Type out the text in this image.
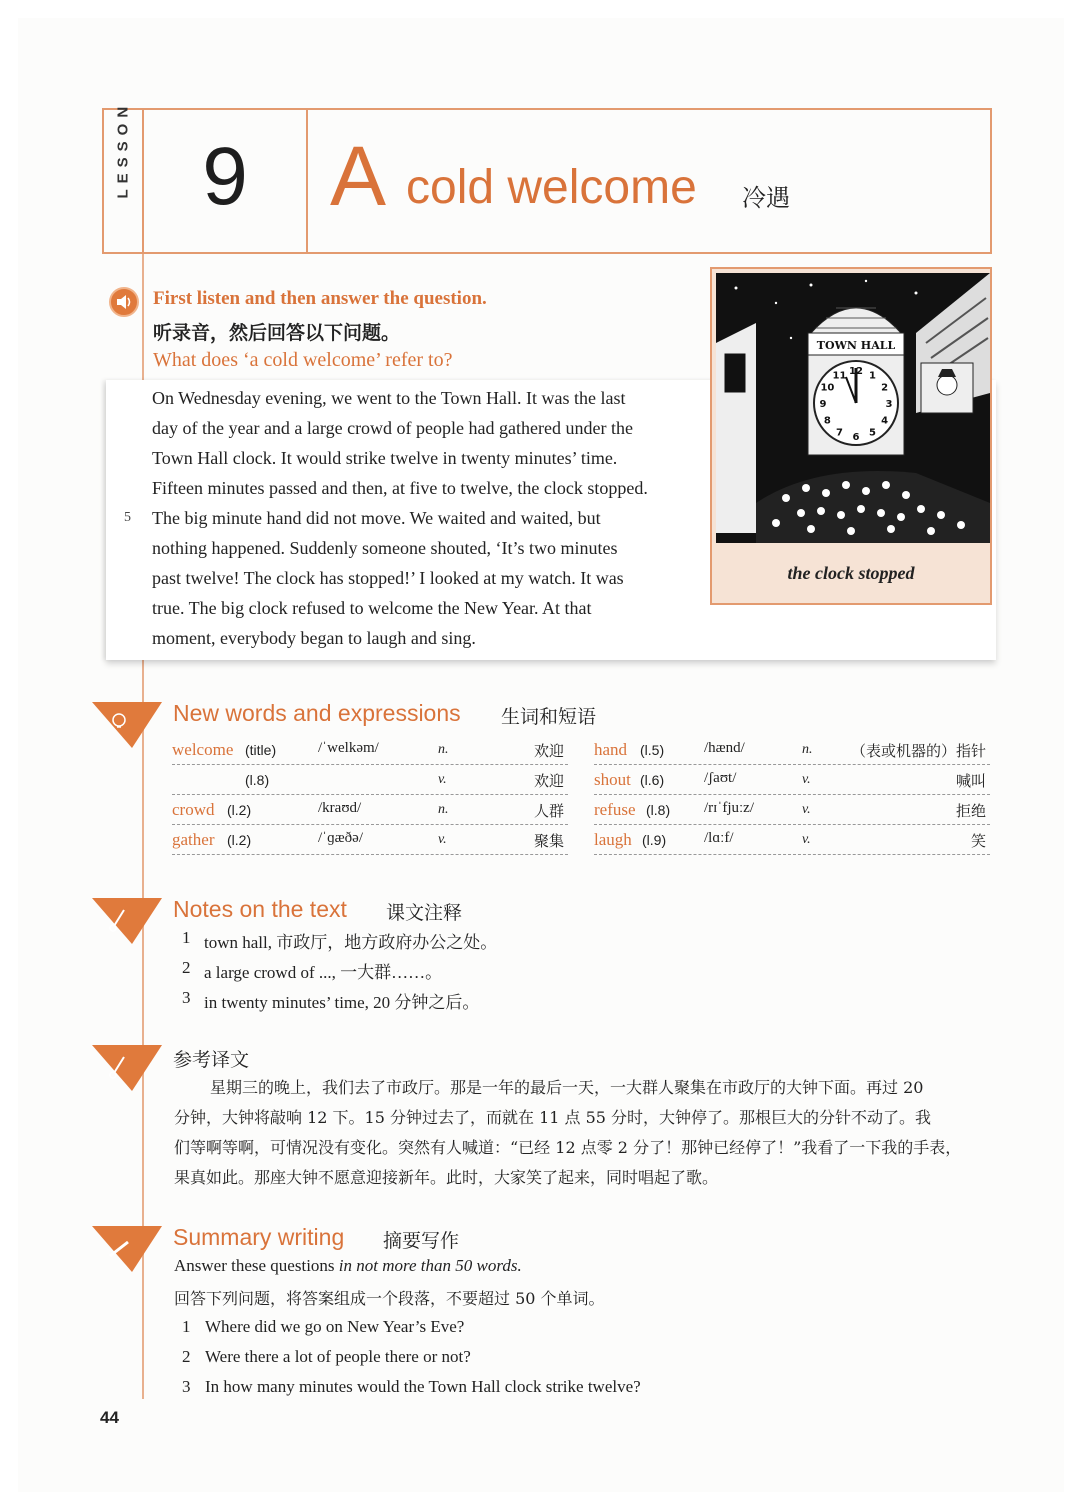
9 A cold welcome 冷遇
First listen and then answer the question.
听录音，然后回答以下问题。
What does ‘a cold welcome’ refer to?
On Wednesday evening, we went to the Town Hall. It was the last
day of the year and a large crowd of people had gathered under the
Town Hall clock. It would strike twelve in twenty minutes’ time.
Fifteen minutes passed and then, at five to twelve, the clock stopped.
The big minute hand did not move. We waited and waited, but
nothing happened. Suddenly someone shouted, ‘It’s two minutes
past twelve! The clock has stopped!’ I looked at my watch. It was
true. The big clock refused to welcome the New Year. At that
moment, everybody began to laugh and sing.
5
TOWN HALL
12 1
2
3
4
5
6
7
8
9
10
11
the clock stopped
New words and expressions 生词和短语
welcome (title)	/ˈwelkəm/	n.	欢迎
(l.8)	v.	欢迎
crowd (l.2)	/kraʊd/	n.	人群
gather (l.2)	/ˈɡæðə/	v.	聚集
hand (l.5)	/hænd/	n.	（表或机器的）指针
shout (l.6)	/ʃaʊt/	v.	喊叫
refuse (l.8) /rɪˈfjuːz/	v.	拒绝
laugh (l.9)	/lɑːf/	v.	笑
Notes on the text 课文注释
1 town hall, 市政厅，地方政府办公之处。
2 a large crowd of ..., 一大群……。
3 in twenty minutes’ time, 20 分钟之后。
参考译文
星期三的晚上，我们去了市政厅。那是一年的最后一天，一大群人聚集在市政厅的大钟下面。再过 20
分钟，大钟将敲响 12 下。15 分钟过去了，而就在 11 点 55 分时，大钟停了。那根巨大的分针不动了。我
们等啊等啊，可情况没有变化。突然有人喊道：“已经 12 点零 2 分了！那钟已经停了！”我看了一下我的手表，
果真如此。那座大钟不愿意迎接新年。此时，大家笑了起来，同时唱起了歌。
Summary writing 摘要写作
Answer these questions in not more than 50 words.
回答下列问题，将答案组成一个段落，不要超过 50 个单词。
1 Where did we go on New Year’s Eve?
2 Were there a lot of people there or not?
3 In how many minutes would the Town Hall clock strike twelve?
44
